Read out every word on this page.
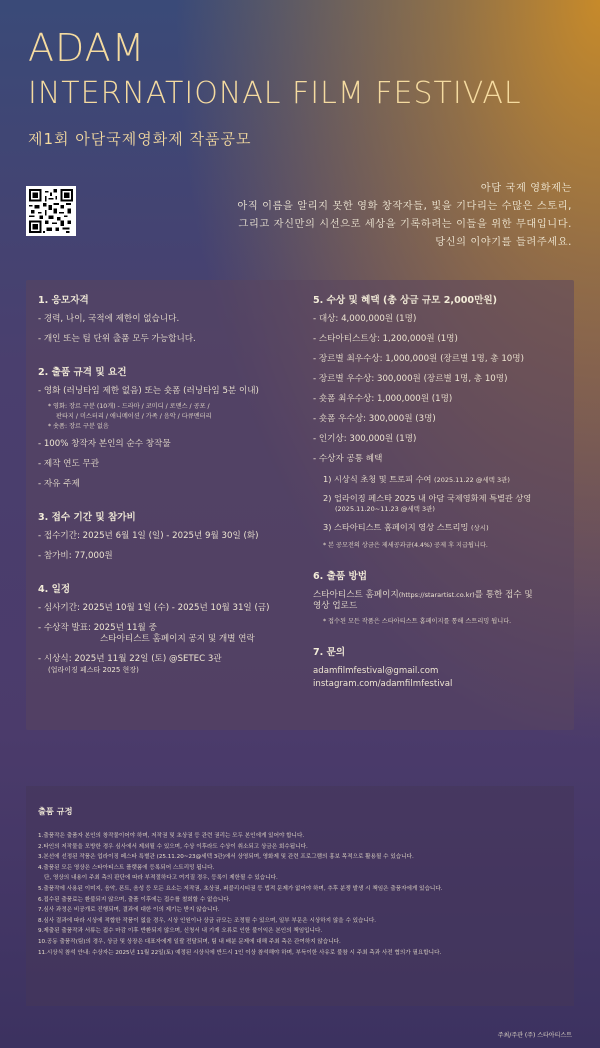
ADAM
INTERNATIONAL FILM FESTIVAL
제1회 아담국제영화제 작품공모
아담 국제 영화제는
아직 이름을 알리지 못한 영화 창작자들, 빛을 기다리는 수많은 스토리,
그리고 자신만의 시선으로 세상을 기록하려는 이들을 위한 무대입니다.
당신의 이야기를 들려주세요.
1. 응모자격
- 경력, 나이, 국적에 제한이 없습니다.
- 개인 또는 팀 단위 출품 모두 가능합니다.
2. 출품 규격 및 요건
- 영화 (러닝타임 제한 없음) 또는 숏폼 (러닝타임 5분 이내)
* 영화: 장르 구분 (10개) - 드라마 / 코미디 / 로맨스 / 공포 /
판타지 / 미스터리 / 애니메이션 / 가족 / 음악 / 다큐멘터리
* 숏폼: 장르 구분 없음
- 100% 창작자 본인의 순수 창작물
- 제작 연도 무관
- 자유 주제
3. 접수 기간 및 참가비
- 접수기간: 2025년 6월 1일 (일) - 2025년 9월 30일 (화)
- 참가비: 77,000원
4. 일정
- 심사기간: 2025년 10월 1일 (수) - 2025년 10월 31일 (금)
- 수상작 발표: 2025년 11월 중
스타아티스트 홈페이지 공지 및 개별 연락
- 시상식: 2025년 11월 22일 (토) @SETEC 3관
(업라이징 페스타 2025 현장)
5. 수상 및 혜택 (총 상금 규모 2,000만원)
- 대상: 4,000,000원 (1명)
- 스타아티스트상: 1,200,000원 (1명)
- 장르별 최우수상: 1,000,000원 (장르별 1명, 총 10명)
- 장르별 우수상: 300,000원 (장르별 1명, 총 10명)
- 숏폼 최우수상: 1,000,000원 (1명)
- 숏폼 우수상: 300,000원 (3명)
- 인기상: 300,000원 (1명)
- 수상자 공통 혜택
1) 시상식 초청 및 트로피 수여 (2025.11.22 @세텍 3관)
2) 업라이징 페스타 2025 내 아담 국제영화제 특별관 상영
(2025.11.20~11.23 @세텍 3관)
3) 스타아티스트 홈페이지 영상 스트리밍 (상시)
* 본 공모전의 상금은 제세공과금(4.4%) 공제 후 지급됩니다.
6. 출품 방법
스타아티스트 홈페이지(https://starartist.co.kr)를 통한 접수 및
영상 업로드
* 접수된 모든 작품은 스타아티스트 홈페이지를 통해 스트리밍 됩니다.
7. 문의
adamfilmfestival@gmail.com
instagram.com/adamfilmfestival
출품 규정
1.출품작은 출품자 본인의 창작물이어야 하며, 저작권 및 초상권 등 관련 권리는 모두 본인에게 있어야 합니다.
2.타인의 저작물을 모방한 경우 심사에서 제외될 수 있으며, 수상 이후라도 수상이 취소되고 상금은 회수됩니다.
3.본선에 선정된 작품은 업라이징 페스타 특별관 (25.11.20~23@세텍 3관)에서 상영되며, 영화제 및 관련 프로그램의 홍보 목적으로 활용될 수 있습니다.
4.출품된 모든 영상은 스타아티스트 플랫폼에 등록되어 스트리밍 됩니다.
단, 영상의 내용이 주최 측의 판단에 따라 부적절하다고 여겨질 경우, 등록이 제한될 수 있습니다.
5.출품작에 사용된 이미지, 음악, 폰트, 음성 등 모든 요소는 저작권, 초상권, 퍼블리시티권 등 법적 문제가 없어야 하며, 추후 분쟁 발생 시 책임은 출품자에게 있습니다.
6.접수된 출품료는 환불되지 않으며, 출품 이후에는 접수를 철회할 수 없습니다.
7.심사 과정은 비공개로 진행되며, 결과에 대한 이의 제기는 받지 않습니다.
8.심사 결과에 따라 시상에 적합한 작품이 없을 경우, 시상 인원이나 상금 규모는 조정될 수 있으며, 일부 부문은 시상하지 않을 수 있습니다.
9.제출된 출품작과 서류는 접수 마감 이후 반환되지 않으며, 신청서 내 기재 오류로 인한 불이익은 본인의 책임입니다.
10.공동 출품작(팀)의 경우, 상금 및 상장은 대표자에게 일괄 전달되며, 팀 내 배분 문제에 대해 주최 측은 관여하지 않습니다.
11.시상식 참석 안내: 수상자는 2025년 11월 22일(토) 예정된 시상식에 반드시 1인 이상 참석해야 하며, 부득이한 사유로 불참 시 주최 측과 사전 협의가 필요합니다.
주최/주관 (주) 스타아티스트
